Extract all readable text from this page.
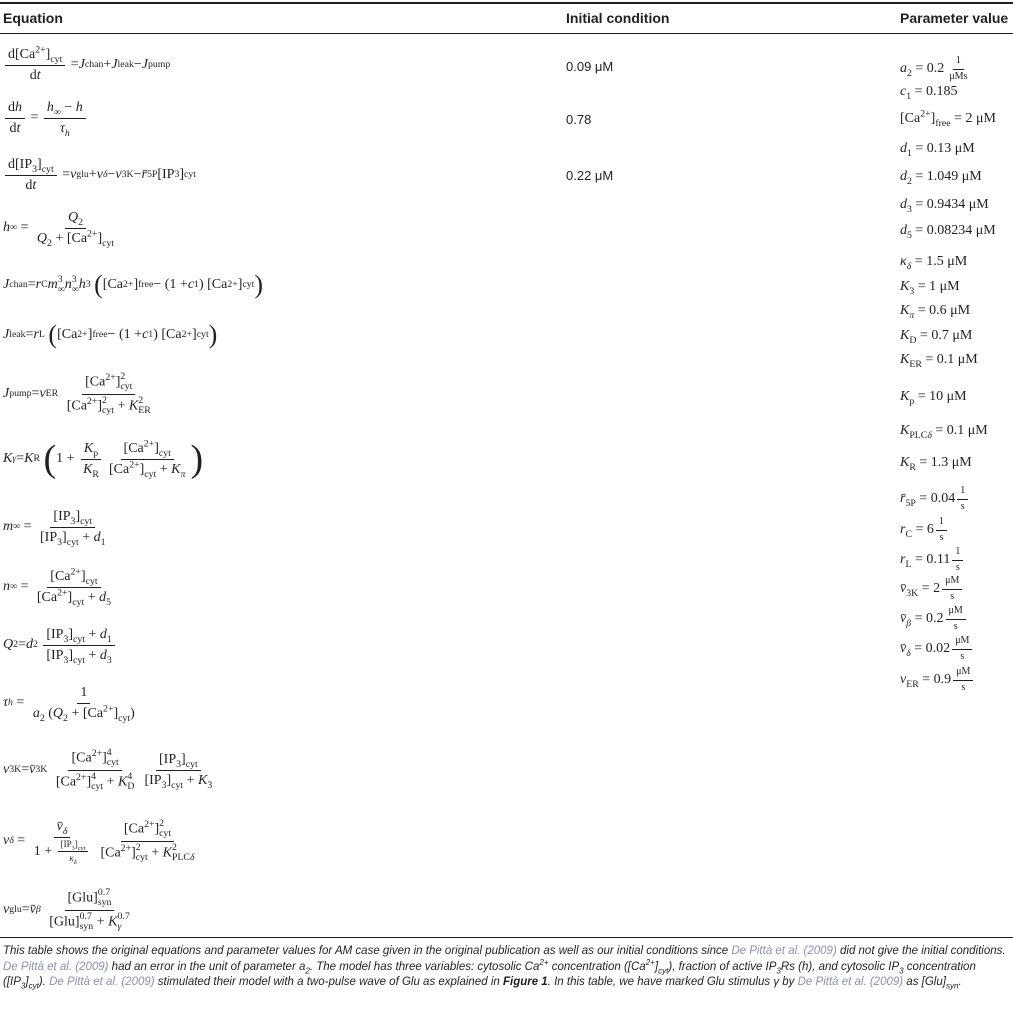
Equation	Initial condition	Parameter value
$\frac{d[Ca^{2+}]_{cyt}}{dt} = J$ chan + J leak − J pump
$\frac{dh}{dt} = \frac{h_\infty - h}{\tau_h}$
$\frac{d[IP_3]_{cyt}}{dt} = v$ glu + v δ − v 3K − r̄ 5P [IP 3 ] cyt
h ∞ = $\frac{Q_2}{Q_2 + [Ca^{2+}]_{cyt}}$
J chan = r C m 3
∞ n 3
∞ h 3
( [Ca 2+ ] free − (1 + c 1 ) [Ca 2+ ] cyt )
J leak = r L
( [Ca 2+ ] free − (1 + c 1 ) [Ca 2+ ] cyt )
J pump = v ER
$[Ca^{2+}]$ 2
cyt
$[Ca^{2+}]$ 2
cyt + K 2
ER
K γ = K R
( $1 + \frac{K_p}{K_R} \frac{[Ca^{2+}]_{cyt}}{[Ca^{2+}]_{cyt} + K_\pi}$ )
m ∞ = $\frac{[IP_3]_{cyt}}{[IP_3]_{cyt} + d_1}$
n ∞ = $\frac{[Ca^{2+}]_{cyt}}{[Ca^{2+}]_{cyt} + d_5}$
Q 2 = d 2
$\frac{[IP_3]_{cyt} + d_1}{[IP_3]_{cyt} + d_3}$
τ $h = \frac{1}{a_2 (Q_2 + [Ca^{2+}]_{cyt})}$
v 3K = v̄ 3K
$[Ca^{2+}]$ 4
cyt
$[Ca^{2+}]$ 4
cyt + K 4
D $\frac{[IP_3]_{cyt}}{[IP_3]_{cyt} + K_3}$
v $\delta = \frac{v̄_\delta}{1 + \frac{[IP_3]_{cyt}}{\kappa_\delta}} [Ca^{2+}]$ 2
cyt
$[Ca^{2+}]$ 2
cyt + K 2
PLCδ
v glu = v̄ β
[Glu] 0.7
syn
[Glu] 0.7
syn + K 0.7
γ
0.09 μM
0.78
0.22 μM
$a_2 = 0.2 \frac{1}{\text{μMs}}$
$c_1 = 0.185$
$[Ca^{2+}]_{free} = 2$ μM
$d_1 = 0.13$ μM
$d_2 = 1.049$ μM
$d_3 = 0.9434$ μM
$d_5 = 0.08234$ μM
$\kappa_\delta = 1.5$ μM
$K_3 = 1$ μM
$K_\pi = 0.6$ μM
$K_D = 0.7$ μM
$K_{ER} = 0.1$ μM
$K_p = 10$ μM
$K_{PLC\delta} = 0.1$ μM
$K_R = 1.3$ μM
$r̄_{5P} = 0.04 \frac{1}{s}$
$r_C = 6 \frac{1}{s}$
$r_L = 0.11 \frac{1}{s}$
$v̄_{3K} = 2 \frac{\mu M}{s}$
$v̄_\beta = 0.2 \frac{\mu M}{s}$
$v̄_\delta = 0.02 \frac{\mu M}{s}$
$v_{ER} = 0.9 \frac{\mu M}{s}$
This table shows the original equations and parameter values for AM case given in the original publication as well as our initial conditions since De Pittà et al. (2009) did not give the initial conditions. De Pittà et al. (2009) had an error in the unit of parameter $a_2$. The model has three variables: cytosolic $Ca^{2+}$ concentration $([Ca^{2+}]_{cyt})$, fraction of active $IP_3Rs$ (h), and cytosolic $IP_3$ concentration $([IP_3]_{cyt})$. De Pittà et al. (2009) stimulated their model with a two-pulse wave of Glu as explained in Figure 1. In this table, we have marked Glu stimulus γ by De Pittà et al. (2009) as $[Glu]_{syn}$.
